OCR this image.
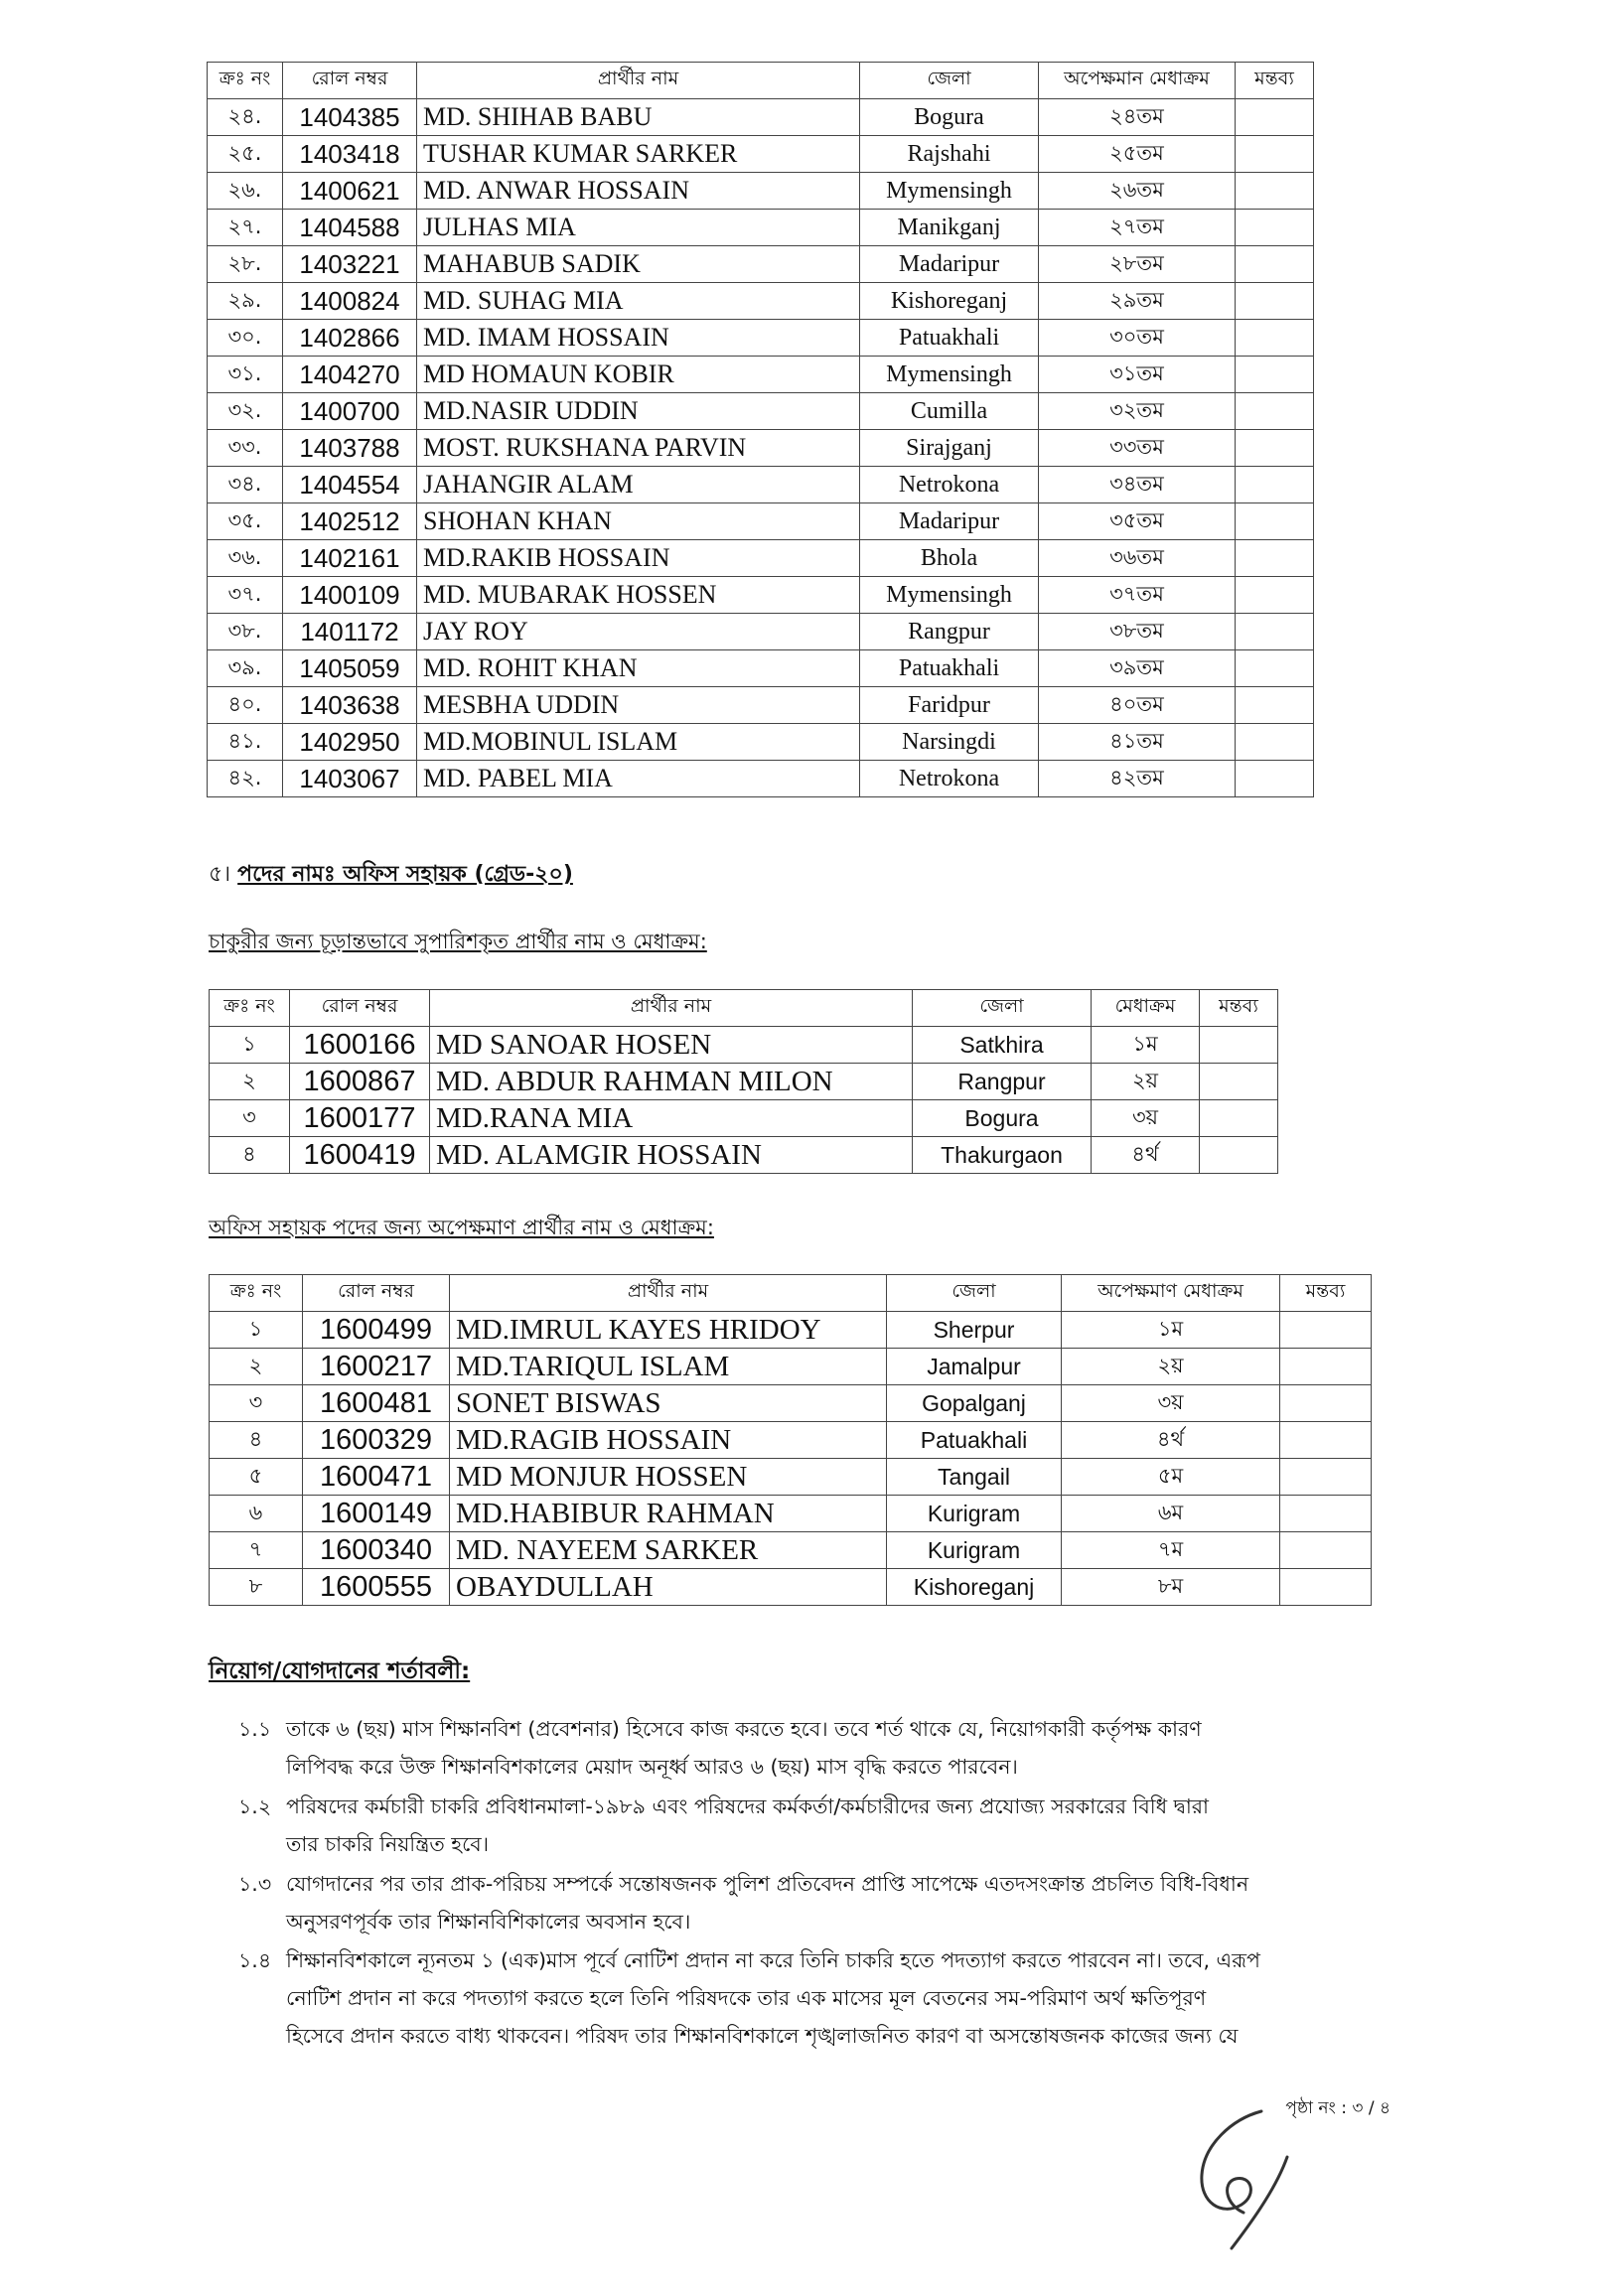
ক্রঃ নং	রোল নম্বর	প্রার্থীর নাম	জেলা	অপেক্ষমান মেধাক্রম	মন্তব্য
২৪.	1404385	MD. SHIHAB BABU	Bogura	২৪তম	
২৫.	1403418	TUSHAR KUMAR SARKER	Rajshahi	২৫তম	
২৬.	1400621	MD. ANWAR HOSSAIN	Mymensingh	২৬তম	
২৭.	1404588	JULHAS MIA	Manikganj	২৭তম	
২৮.	1403221	MAHABUB SADIK	Madaripur	২৮তম	
২৯.	1400824	MD. SUHAG MIA	Kishoreganj	২৯তম	
৩০.	1402866	MD. IMAM HOSSAIN	Patuakhali	৩০তম	
৩১.	1404270	MD HOMAUN KOBIR	Mymensingh	৩১তম	
৩২.	1400700	MD.NASIR UDDIN	Cumilla	৩২তম	
৩৩.	1403788	MOST. RUKSHANA PARVIN	Sirajganj	৩৩তম	
৩৪.	1404554	JAHANGIR ALAM	Netrokona	৩৪তম	
৩৫.	1402512	SHOHAN KHAN	Madaripur	৩৫তম	
৩৬.	1402161	MD.RAKIB HOSSAIN	Bhola	৩৬তম	
৩৭.	1400109	MD. MUBARAK HOSSEN	Mymensingh	৩৭তম	
৩৮.	1401172	JAY ROY	Rangpur	৩৮তম	
৩৯.	1405059	MD. ROHIT KHAN	Patuakhali	৩৯তম	
৪০.	1403638	MESBHA UDDIN	Faridpur	৪০তম	
৪১.	1402950	MD.MOBINUL ISLAM	Narsingdi	৪১তম	
৪২.	1403067	MD. PABEL MIA	Netrokona	৪২তম	
৫। পদের নামঃ অফিস সহায়ক (গ্রেড-২০)
চাকুরীর জন্য চূড়ান্তভাবে সুপারিশকৃত প্রার্থীর নাম ও মেধাক্রম:
ক্রঃ নং	রোল নম্বর	প্রার্থীর নাম	জেলা	মেধাক্রম	মন্তব্য
১	1600166	MD SANOAR HOSEN	Satkhira	১ম	
২	1600867	MD. ABDUR RAHMAN MILON	Rangpur	২য়	
৩	1600177	MD.RANA MIA	Bogura	৩য়	
৪	1600419	MD. ALAMGIR HOSSAIN	Thakurgaon	৪র্থ	
অফিস সহায়ক পদের জন্য অপেক্ষমাণ প্রার্থীর নাম ও মেধাক্রম:
ক্রঃ নং	রোল নম্বর	প্রার্থীর নাম	জেলা	অপেক্ষমাণ মেধাক্রম	মন্তব্য
১	1600499	MD.IMRUL KAYES HRIDOY	Sherpur	১ম	
২	1600217	MD.TARIQUL ISLAM	Jamalpur	২য়	
৩	1600481	SONET BISWAS	Gopalganj	৩য়	
৪	1600329	MD.RAGIB HOSSAIN	Patuakhali	৪র্থ	
৫	1600471	MD MONJUR HOSSEN	Tangail	৫ম	
৬	1600149	MD.HABIBUR RAHMAN	Kurigram	৬ম	
৭	1600340	MD. NAYEEM SARKER	Kurigram	৭ম	
৮	1600555	OBAYDULLAH	Kishoreganj	৮ম	
নিয়োগ/যোগদানের শর্তাবলী:
১.১ তাকে ৬ (ছয়) মাস শিক্ষানবিশ (প্রবেশনার) হিসেবে কাজ করতে হবে। তবে শর্ত থাকে যে, নিয়োগকারী কর্তৃপক্ষ কারণ
লিপিবদ্ধ করে উক্ত শিক্ষানবিশকালের মেয়াদ অনূর্ধ্ব আরও ৬ (ছয়) মাস বৃদ্ধি করতে পারবেন।
১.২ পরিষদের কর্মচারী চাকরি প্রবিধানমালা-১৯৮৯ এবং পরিষদের কর্মকর্তা/কর্মচারীদের জন্য প্রযোজ্য সরকারের বিধি দ্বারা
তার চাকরি নিয়ন্ত্রিত হবে।
১.৩ যোগদানের পর তার প্রাক-পরিচয় সম্পর্কে সন্তোষজনক পুলিশ প্রতিবেদন প্রাপ্তি সাপেক্ষে এতদসংক্রান্ত প্রচলিত বিধি-বিধান
অনুসরণপূর্বক তার শিক্ষানবিশিকালের অবসান হবে।
১.৪ শিক্ষানবিশকালে ন্যূনতম ১ (এক)মাস পূর্বে নোটিশ প্রদান না করে তিনি চাকরি হতে পদত্যাগ করতে পারবেন না। তবে, এরূপ
নোটিশ প্রদান না করে পদত্যাগ করতে হলে তিনি পরিষদকে তার এক মাসের মূল বেতনের সম-পরিমাণ অর্থ ক্ষতিপূরণ
হিসেবে প্রদান করতে বাধ্য থাকবেন। পরিষদ তার শিক্ষানবিশকালে শৃঙ্খলাজনিত কারণ বা অসন্তোষজনক কাজের জন্য যে
পৃষ্ঠা নং : ৩ / ৪
